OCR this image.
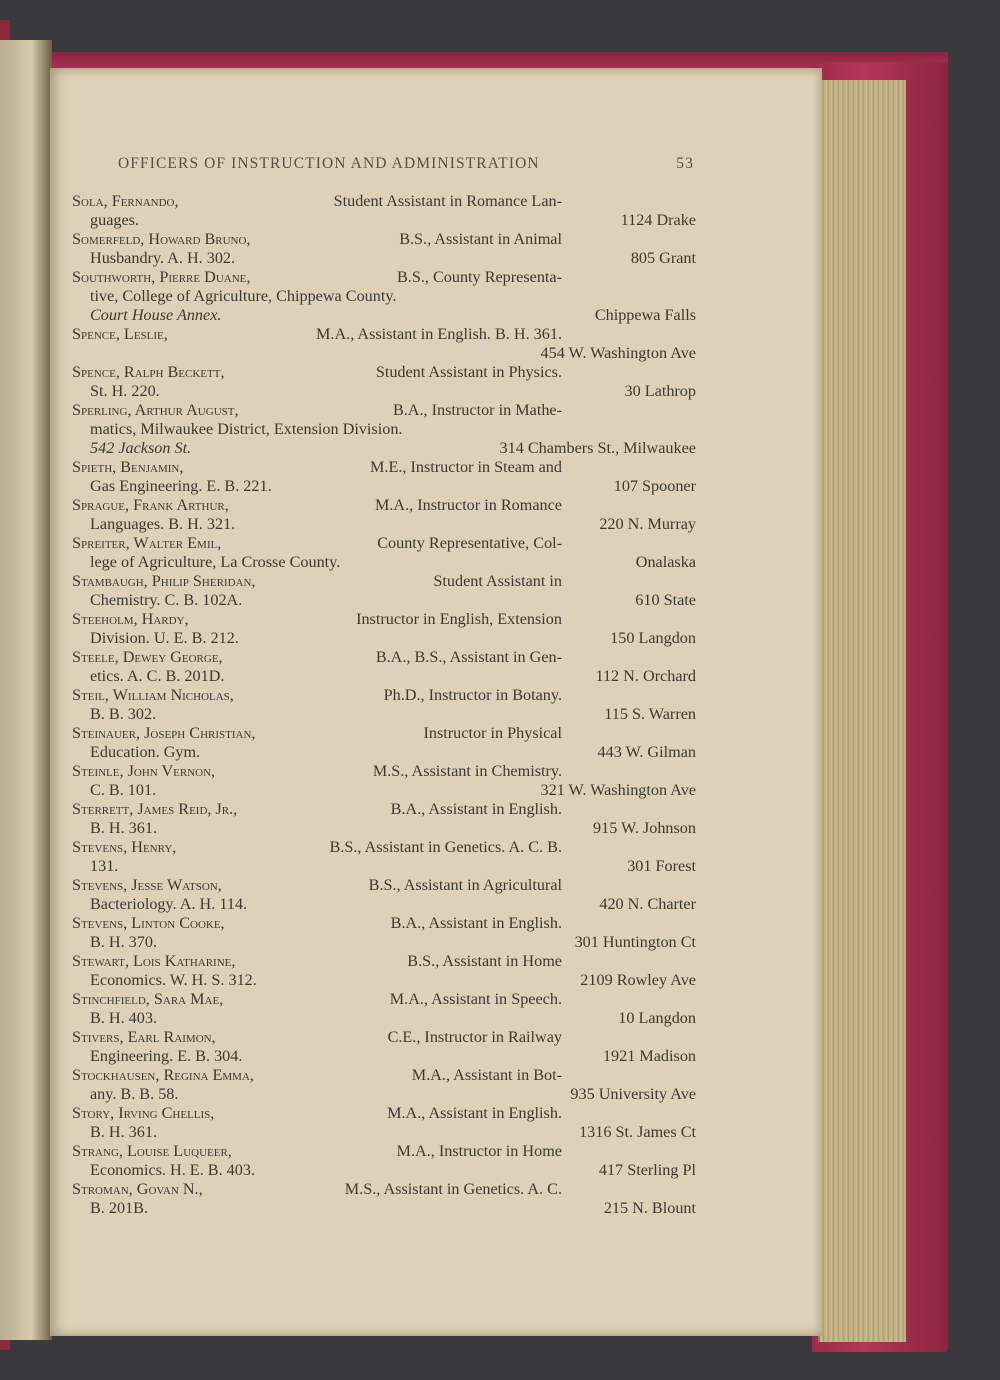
OFFICERS OF INSTRUCTION AND ADMINISTRATION	53
Sola, Fernando,	Student Assistant in Romance Lan-
guages.	1124 Drake
Somerfeld, Howard Bruno,	B.S., Assistant in Animal
Husbandry. A. H. 302.	805 Grant
Southworth, Pierre Duane,	B.S., County Representa-
tive, College of Agriculture, Chippewa County.
Court House Annex.	Chippewa Falls
Spence, Leslie,	M.A., Assistant in English. B. H. 361.
454 W. Washington Ave
Spence, Ralph Beckett,	Student Assistant in Physics.
St. H. 220.	30 Lathrop
Sperling, Arthur August,	B.A., Instructor in Mathe-
matics, Milwaukee District, Extension Division.
542 Jackson St.	314 Chambers St., Milwaukee
Spieth, Benjamin,	M.E., Instructor in Steam and
Gas Engineering. E. B. 221.	107 Spooner
Sprague, Frank Arthur,	M.A., Instructor in Romance
Languages. B. H. 321.	220 N. Murray
Spreiter, Walter Emil,	County Representative, Col-
lege of Agriculture, La Crosse County.	Onalaska
Stambaugh, Philip Sheridan,	Student Assistant in
Chemistry. C. B. 102A.	610 State
Steeholm, Hardy,	Instructor in English, Extension
Division. U. E. B. 212.	150 Langdon
Steele, Dewey George,	B.A., B.S., Assistant in Gen-
etics. A. C. B. 201D.	112 N. Orchard
Steil, William Nicholas,	Ph.D., Instructor in Botany.
B. B. 302.	115 S. Warren
Steinauer, Joseph Christian,	Instructor in Physical
Education. Gym.	443 W. Gilman
Steinle, John Vernon,	M.S., Assistant in Chemistry.
C. B. 101.	321 W. Washington Ave
Sterrett, James Reid, Jr.,	B.A., Assistant in English.
B. H. 361.	915 W. Johnson
Stevens, Henry,	B.S., Assistant in Genetics. A. C. B.
131.	301 Forest
Stevens, Jesse Watson,	B.S., Assistant in Agricultural
Bacteriology. A. H. 114.	420 N. Charter
Stevens, Linton Cooke,	B.A., Assistant in English.
B. H. 370.	301 Huntington Ct
Stewart, Lois Katharine,	B.S., Assistant in Home
Economics. W. H. S. 312.	2109 Rowley Ave
Stinchfield, Sara Mae,	M.A., Assistant in Speech.
B. H. 403.	10 Langdon
Stivers, Earl Raimon,	C.E., Instructor in Railway
Engineering. E. B. 304.	1921 Madison
Stockhausen, Regina Emma,	M.A., Assistant in Bot-
any. B. B. 58.	935 University Ave
Story, Irving Chellis,	M.A., Assistant in English.
B. H. 361.	1316 St. James Ct
Strang, Louise Luqueer,	M.A., Instructor in Home
Economics. H. E. B. 403.	417 Sterling Pl
Stroman, Govan N.,	M.S., Assistant in Genetics. A. C.
B. 201B.	215 N. Blount
